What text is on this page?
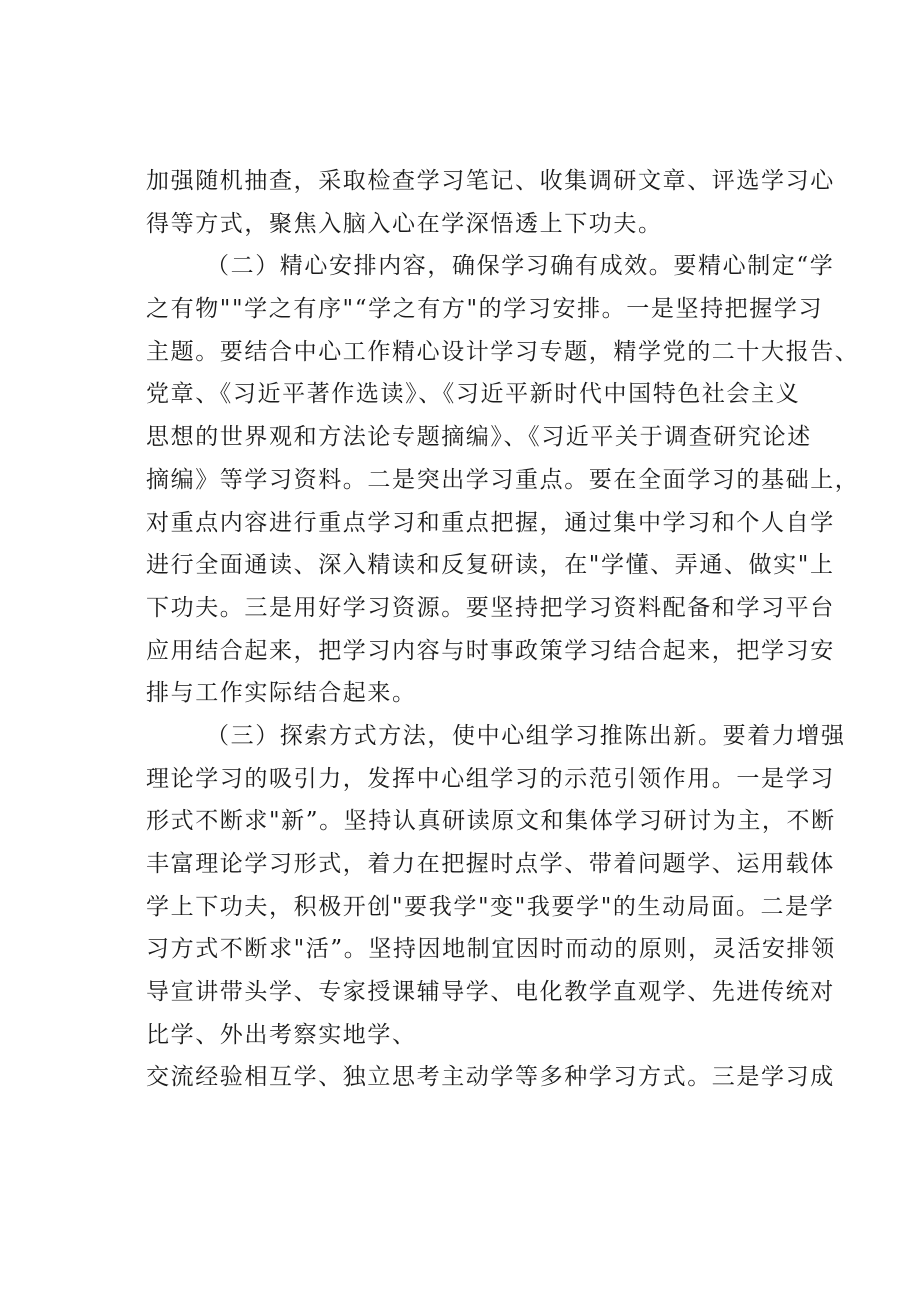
加强随机抽查，采取检查学习笔记、收集调研文章、评选学习心
得等方式，聚焦入脑入心在学深悟透上下功夫。
（二）精心安排内容，确保学习确有成效。要精心制定“学
之有物""学之有序"“学之有方"的学习安排。一是坚持把握学习
主题。要结合中心工作精心设计学习专题，精学党的二十大报告、
党章、《习近平著作选读》、《习近平新时代中国特色社会主义
思想的世界观和方法论专题摘编》、《习近平关于调查研究论述
摘编》等学习资料。二是突出学习重点。要在全面学习的基础上，
对重点内容进行重点学习和重点把握，通过集中学习和个人自学
进行全面通读、深入精读和反复研读，在"学懂、弄通、做实"上
下功夫。三是用好学习资源。要坚持把学习资料配备和学习平台
应用结合起来，把学习内容与时事政策学习结合起来，把学习安
排与工作实际结合起来。
（三）探索方式方法，使中心组学习推陈出新。要着力增强
理论学习的吸引力，发挥中心组学习的示范引领作用。一是学习
形式不断求"新”。坚持认真研读原文和集体学习研讨为主，不断
丰富理论学习形式，着力在把握时点学、带着问题学、运用载体
学上下功夫，积极开创"要我学"变"我要学"的生动局面。二是学
习方式不断求"活”。坚持因地制宜因时而动的原则，灵活安排领
导宣讲带头学、专家授课辅导学、电化教学直观学、先进传统对
比学、外出考察实地学、
交流经验相互学、独立思考主动学等多种学习方式。三是学习成
